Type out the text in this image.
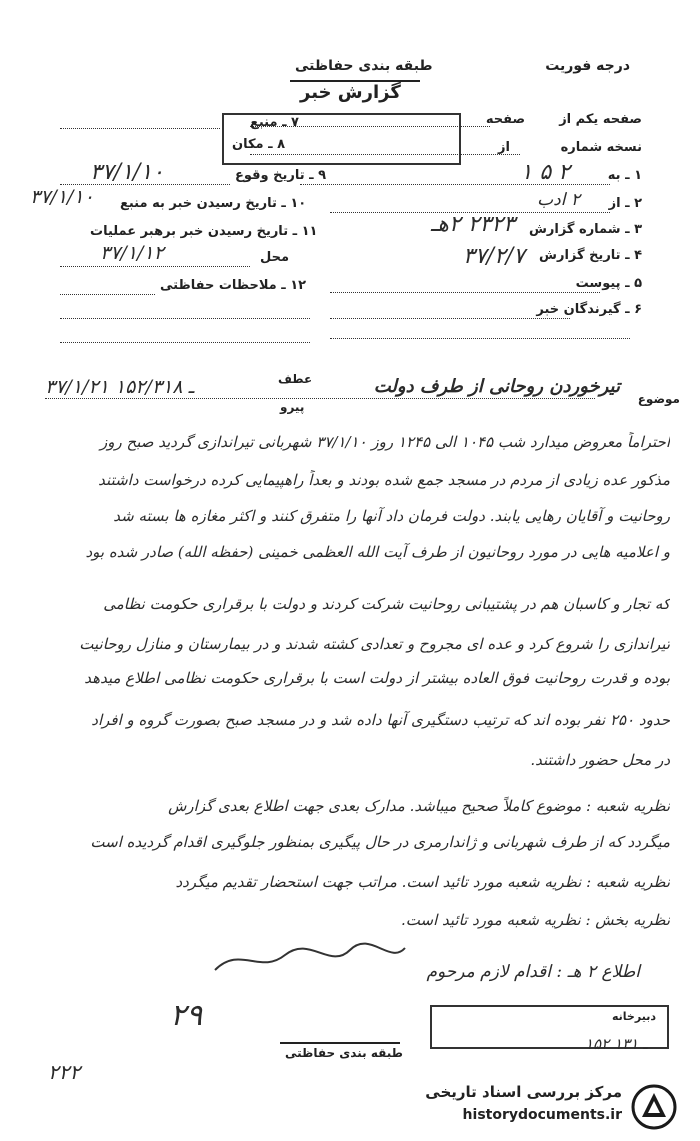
درجه فوریت
طبقه بندی حفاظتی
گزارش خبر
صفحه یکم از
صفحه
نسخه شماره
از
۱ ـ به
۲ ۵ ۱
۲ ـ از
۲ ادب
۳ ـ شماره گزارش
۲۳۲۳ ۲هـ
۴ ـ تاریخ گزارش
۳۷/۲/۷
۵ ـ پیوست
۶ ـ گیرندگان خبر
۷ ـ منبع
۸ ـ مکان
۹ ـ تاریخ وقوع
۳۷/۱/۱۰
۱۰ ـ تاریخ رسیدن خبر به منبع
۳۷/۱/۱۰
۱۱ ـ تاریخ رسیدن خبر برهبر عملیات
محل
۳۷/۱/۱۲
۱۲ ـ ملاحظات حفاظتی
موضوع
تیرخوردن روحانی از طرف دولت
عطف
پیرو
۳۷/۱/۲۱ ـ ۱۵۲/۳۱۸
احتراماً معروض میدارد شب ۱۰۴۵ الی ۱۲۴۵ روز ۳۷/۱/۱۰ شهربانی تیراندازی گردید صبح روز
مذکور عده زیادی از مردم در مسجد جمع شده بودند و بعداً راهپیمایی کرده درخواست داشتند
روحانیت و آقایان رهایی یابند. دولت فرمان داد آنها را متفرق کنند و اکثر مغازه ها بسته شد
و اعلامیه هایی در مورد روحانیون از طرف آیت الله العظمی خمینی (حفظه الله) صادر شده بود
که تجار و کاسبان هم در پشتیبانی روحانیت شرکت کردند و دولت با برقراری حکومت نظامی
تیراندازی را شروع کرد و عده ای مجروح و تعدادی کشته شدند و در بیمارستان و منازل روحانیت
بوده و قدرت روحانیت فوق العاده بیشتر از دولت است با برقراری حکومت نظامی اطلاع میدهد
حدود ۲۵۰ نفر بوده اند که ترتیب دستگیری آنها داده شد و در مسجد صبح بصورت گروه و افراد
در محل حضور داشتند.
نظریه شعبه : موضوع کاملاً صحیح میباشد. مدارک بعدی جهت اطلاع بعدی گزارش
میگردد که از طرف شهربانی و ژاندارمری در حال پیگیری بمنظور جلوگیری اقدام گردیده است
نظریه شعبه : نظریه شعبه مورد تائید است. مراتب جهت استحضار تقدیم میگردد
نظریه بخش : نظریه شعبه مورد تائید است.
اطلاع ۲ هـ : اقدام لازم مرحوم
دبیرخانه
۱۵۲ ـ ۱۳۱
طبقه بندی حفاظتی
۲۲۲
۲۹
مرکز بررسی اسناد تاریخی
historydocuments.ir
